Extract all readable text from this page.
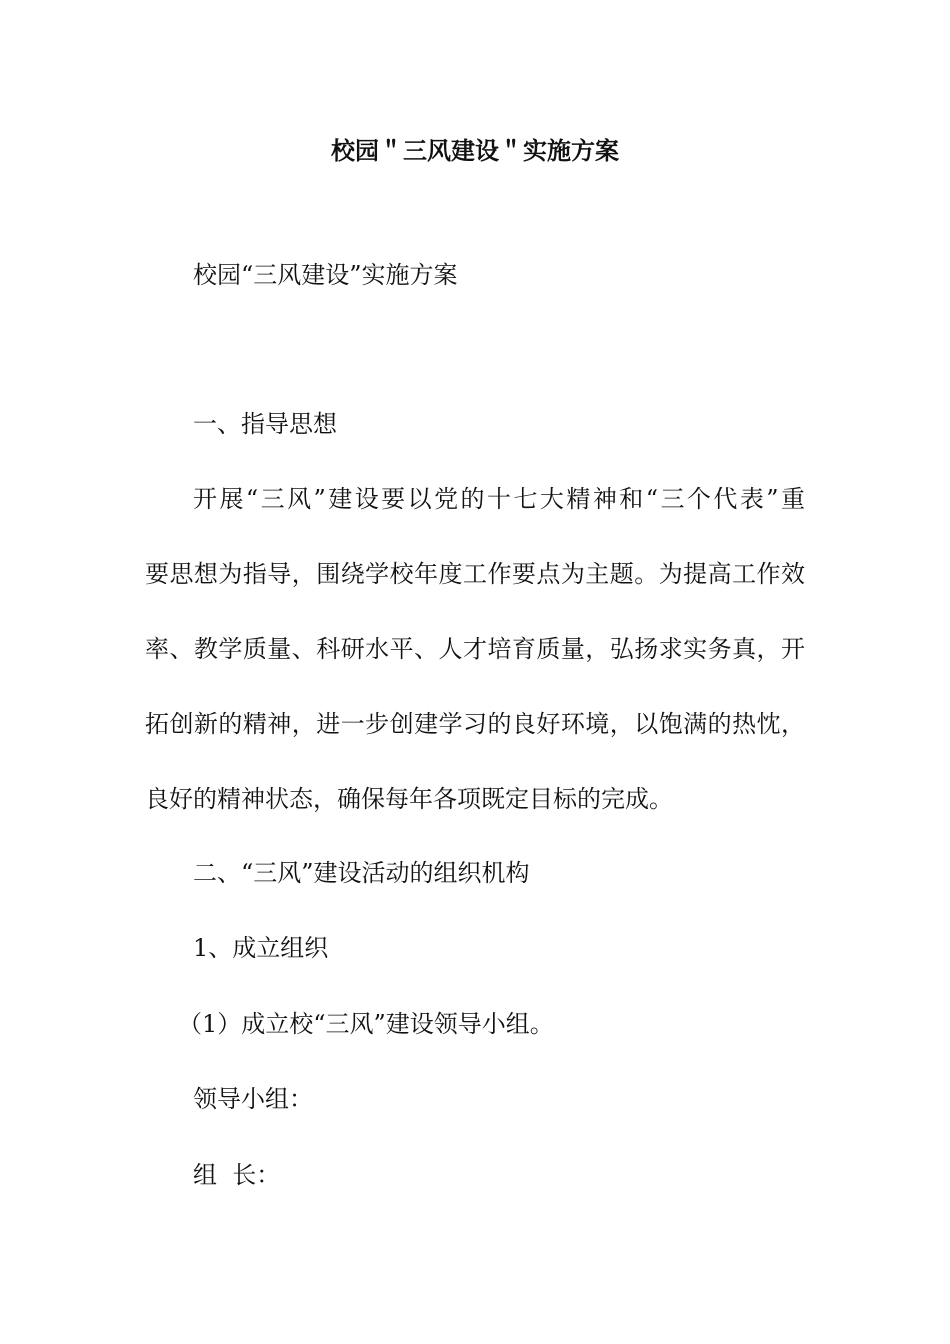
校园＂三风建设＂实施方案
校园“三风建设”实施方案
一、指导思想
开展“三风”建设要以党的十七大精神和“三个代表”重
要思想为指导，围绕学校年度工作要点为主题。为提高工作效
率、教学质量、科研水平、人才培育质量，弘扬求实务真，开
拓创新的精神，进一步创建学习的良好环境，以饱满的热忱，
良好的精神状态，确保每年各项既定目标的完成。
二、“三风”建设活动的组织机构
1、成立组织
（1）成立校“三风”建设领导小组。
领导小组：
组  长：
